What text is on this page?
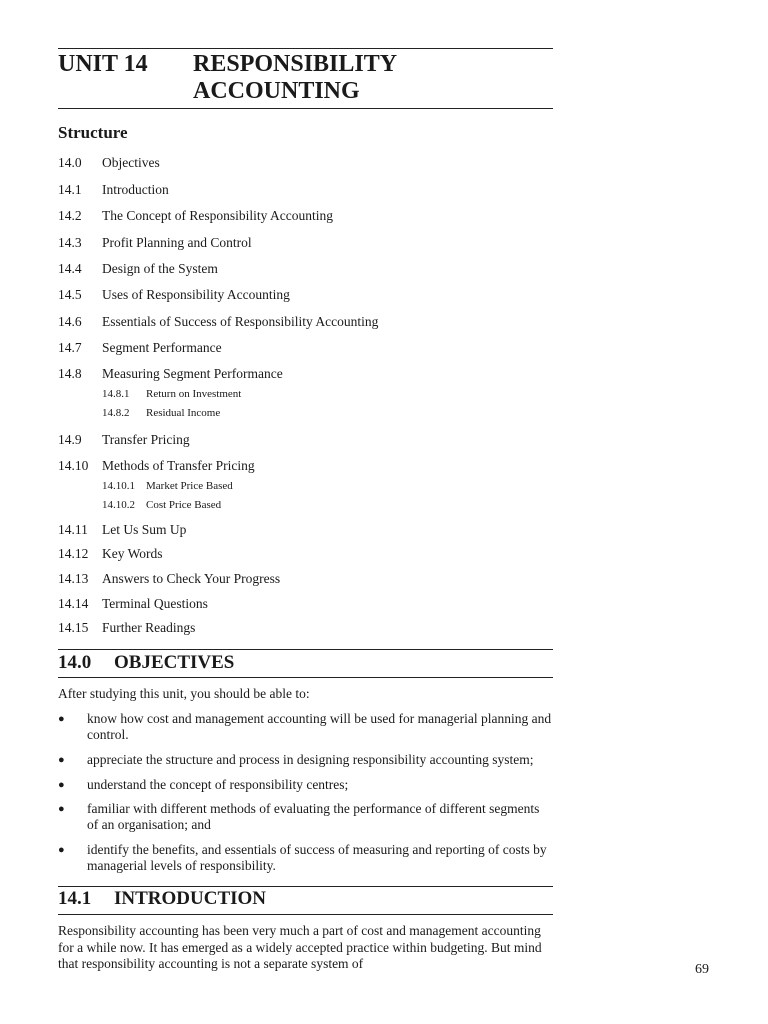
UNIT 14 RESPONSIBILITY
ACCOUNTING
Structure
14.0 Objectives
14.1 Introduction
14.2 The Concept of Responsibility Accounting
14.3 Profit Planning and Control
14.4 Design of the System
14.5 Uses of Responsibility Accounting
14.6 Essentials of Success of Responsibility Accounting
14.7 Segment Performance
14.8 Measuring Segment Performance
14.8.1 Return on Investment
14.8.2 Residual Income
14.9 Transfer Pricing
14.10 Methods of Transfer Pricing
14.10.1 Market Price Based
14.10.2 Cost Price Based
14.11 Let Us Sum Up
14.12 Key Words
14.13 Answers to Check Your Progress
14.14 Terminal Questions
14.15 Further Readings
14.0 OBJECTIVES
After studying this unit, you should be able to:
● know how cost and management accounting will be used for managerial planning and control.
● appreciate the structure and process in designing responsibility accounting system;
● understand the concept of responsibility centres;
● familiar with different methods of evaluating the performance of different segments of an organisation; and
● identify the benefits, and essentials of success of measuring and reporting of costs by managerial levels of responsibility.
14.1 INTRODUCTION
Responsibility accounting has been very much a part of cost and management accounting for a while now. It has emerged as a widely accepted practice within budgeting. But mind that responsibility accounting is not a separate system of	69
